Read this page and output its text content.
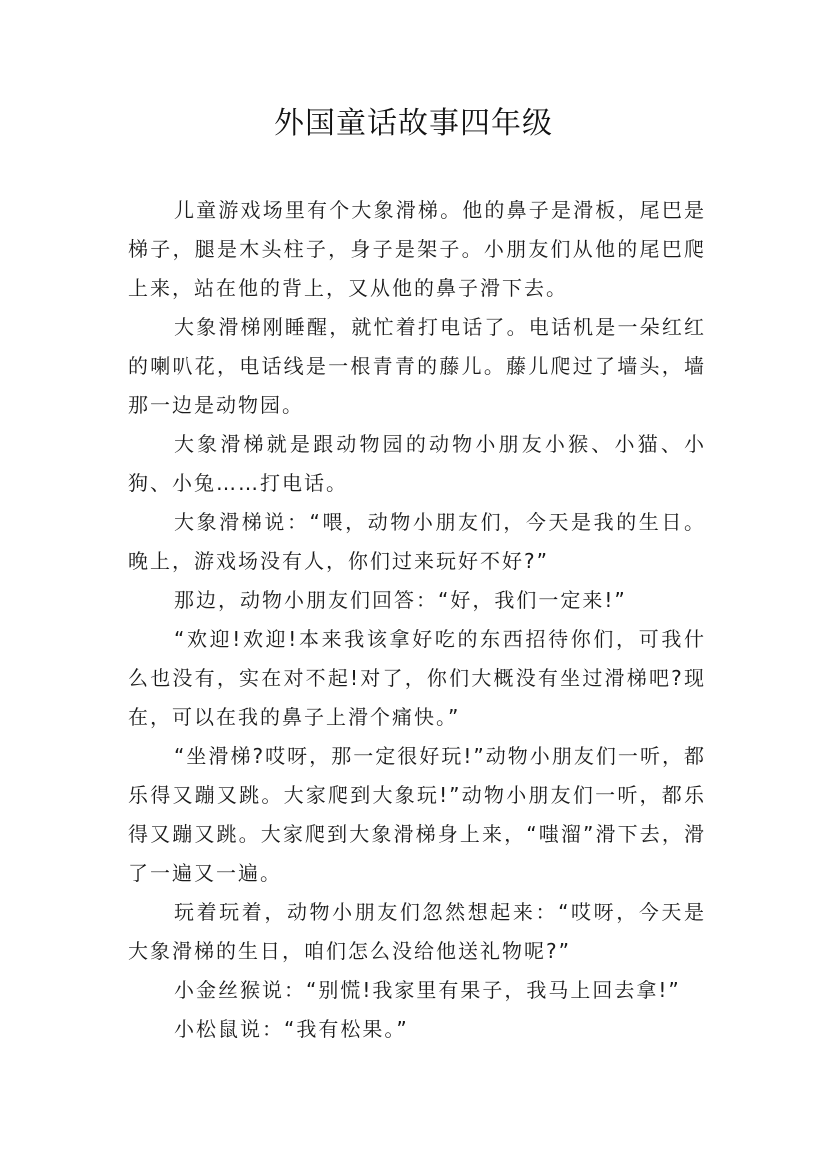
外国童话故事四年级

儿童游戏场里有个大象滑梯。他的鼻子是滑板，尾巴是梯子，腿是木头柱子，身子是架子。小朋友们从他的尾巴爬上来，站在他的背上，又从他的鼻子滑下去。

大象滑梯刚睡醒，就忙着打电话了。电话机是一朵红红的喇叭花，电话线是一根青青的藤儿。藤儿爬过了墙头，墙那一边是动物园。

大象滑梯就是跟动物园的动物小朋友小猴、小猫、小狗、小兔……打电话。

大象滑梯说：“喂，动物小朋友们，今天是我的生日。晚上，游戏场没有人，你们过来玩好不好?”

那边，动物小朋友们回答：“好，我们一定来!”

“欢迎!欢迎!本来我该拿好吃的东西招待你们，可我什么也没有，实在对不起!对了，你们大概没有坐过滑梯吧?现在，可以在我的鼻子上滑个痛快。”

“坐滑梯?哎呀，那一定很好玩!”动物小朋友们一听，都乐得又蹦又跳。大家爬到大象玩!”动物小朋友们一听，都乐得又蹦又跳。大家爬到大象滑梯身上来，“嗤溜”滑下去，滑了一遍又一遍。

玩着玩着，动物小朋友们忽然想起来：“哎呀，今天是大象滑梯的生日，咱们怎么没给他送礼物呢?”

小金丝猴说：“别慌!我家里有果子，我马上回去拿!”

小松鼠说：“我有松果。”
